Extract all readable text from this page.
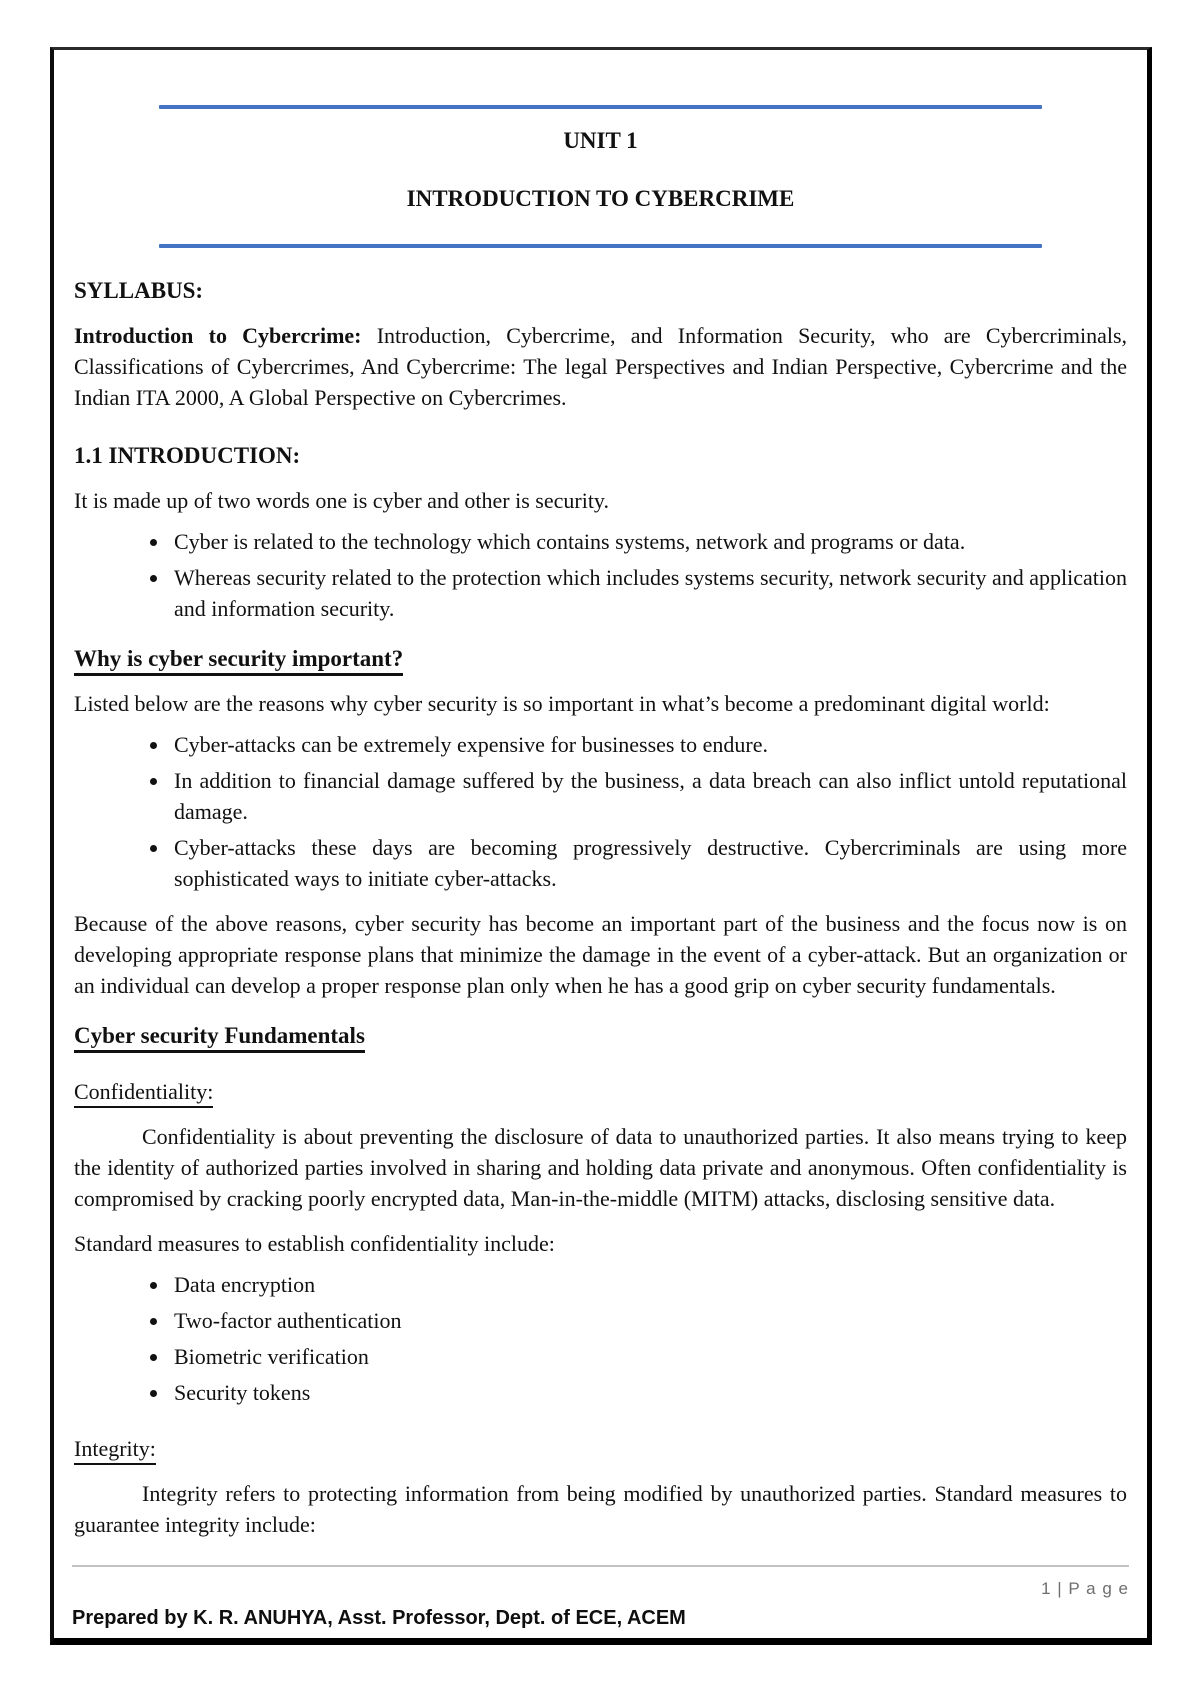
UNIT 1
INTRODUCTION TO CYBERCRIME
SYLLABUS:

Introduction to Cybercrime: Introduction, Cybercrime, and Information Security, who are Cybercriminals, Classifications of Cybercrimes, And Cybercrime: The legal Perspectives and Indian Perspective, Cybercrime and the Indian ITA 2000, A Global Perspective on Cybercrimes.

1.1 INTRODUCTION:

It is made up of two words one is cyber and other is security.

• Cyber is related to the technology which contains systems, network and programs or data.
• Whereas security related to the protection which includes systems security, network security and application and information security.
Why is cyber security important?

Listed below are the reasons why cyber security is so important in what’s become a predominant digital world:

• Cyber-attacks can be extremely expensive for businesses to endure.
• In addition to financial damage suffered by the business, a data breach can also inflict untold reputational damage.
• Cyber-attacks these days are becoming progressively destructive. Cybercriminals are using more sophisticated ways to initiate cyber-attacks.

Because of the above reasons, cyber security has become an important part of the business and the focus now is on developing appropriate response plans that minimize the damage in the event of a cyber-attack. But an organization or an individual can develop a proper response plan only when he has a good grip on cyber security fundamentals.

Cyber security Fundamentals
Confidentiality:

Confidentiality is about preventing the disclosure of data to unauthorized parties. It also means trying to keep the identity of authorized parties involved in sharing and holding data private and anonymous. Often confidentiality is compromised by cracking poorly encrypted data, Man-in-the-middle (MITM) attacks, disclosing sensitive data.

Standard measures to establish confidentiality include:

• Data encryption
• Two-factor authentication
• Biometric verification
• Security tokens
Integrity:

Integrity refers to protecting information from being modified by unauthorized parties. Standard measures to guarantee integrity include:

1 | P a g e
Prepared by K. R. ANUHYA, Asst. Professor, Dept. of ECE, ACEM
